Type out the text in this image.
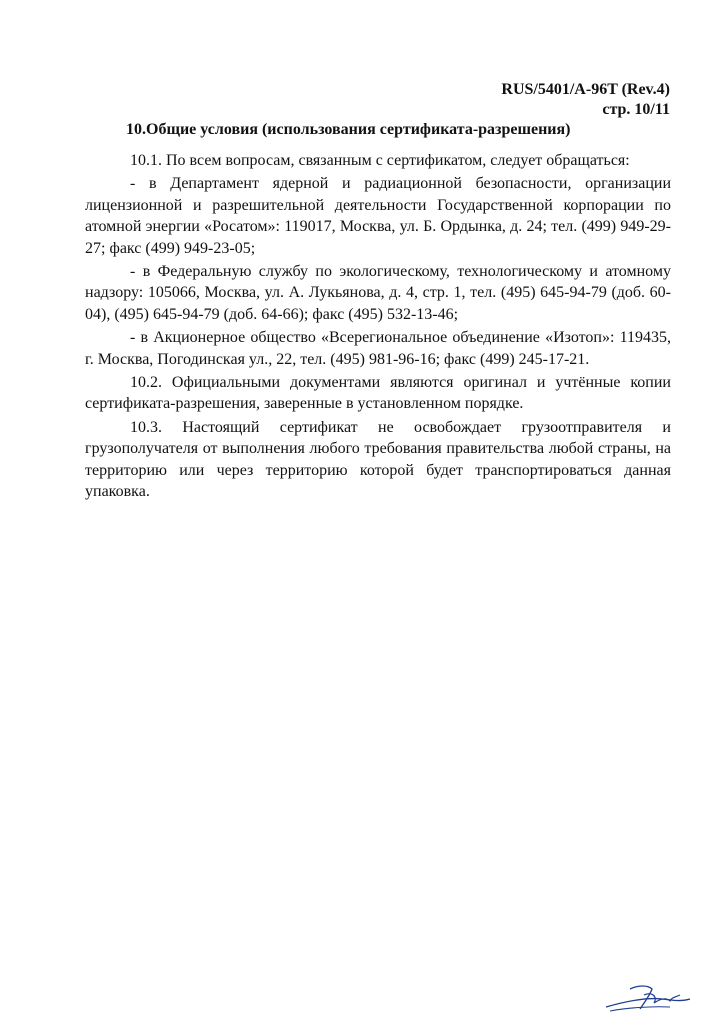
RUS/5401/A-96T (Rev.4)
стр. 10/11
10.Общие условия (использования сертификата-разрешения)

10.1. По всем вопросам, связанным с сертификатом, следует обращаться:

- в Департамент ядерной и радиационной безопасности, организации лицензионной и разрешительной деятельности Государственной корпорации по атомной энергии «Росатом»: 119017, Москва, ул. Б. Ордынка, д. 24; тел. (499) 949-29-27; факс (499) 949-23-05;

- в Федеральную службу по экологическому, технологическому и атомному надзору: 105066, Москва, ул. А. Лукьянова, д. 4, стр. 1, тел. (495) 645-94-79 (доб. 60-04), (495) 645-94-79 (доб. 64-66); факс (495) 532-13-46;

- в Акционерное общество «Всерегиональное объединение «Изотоп»: 119435, г. Москва, Погодинская ул., 22, тел. (495) 981-96-16; факс (499) 245-17-21.

10.2. Официальными документами являются оригинал и учтённые копии сертификата-разрешения, заверенные в установленном порядке.

10.3. Настоящий сертификат не освобождает грузоотправителя и грузополучателя от выполнения любого требования правительства любой страны, на территорию или через территорию которой будет транспортироваться данная упаковка.
